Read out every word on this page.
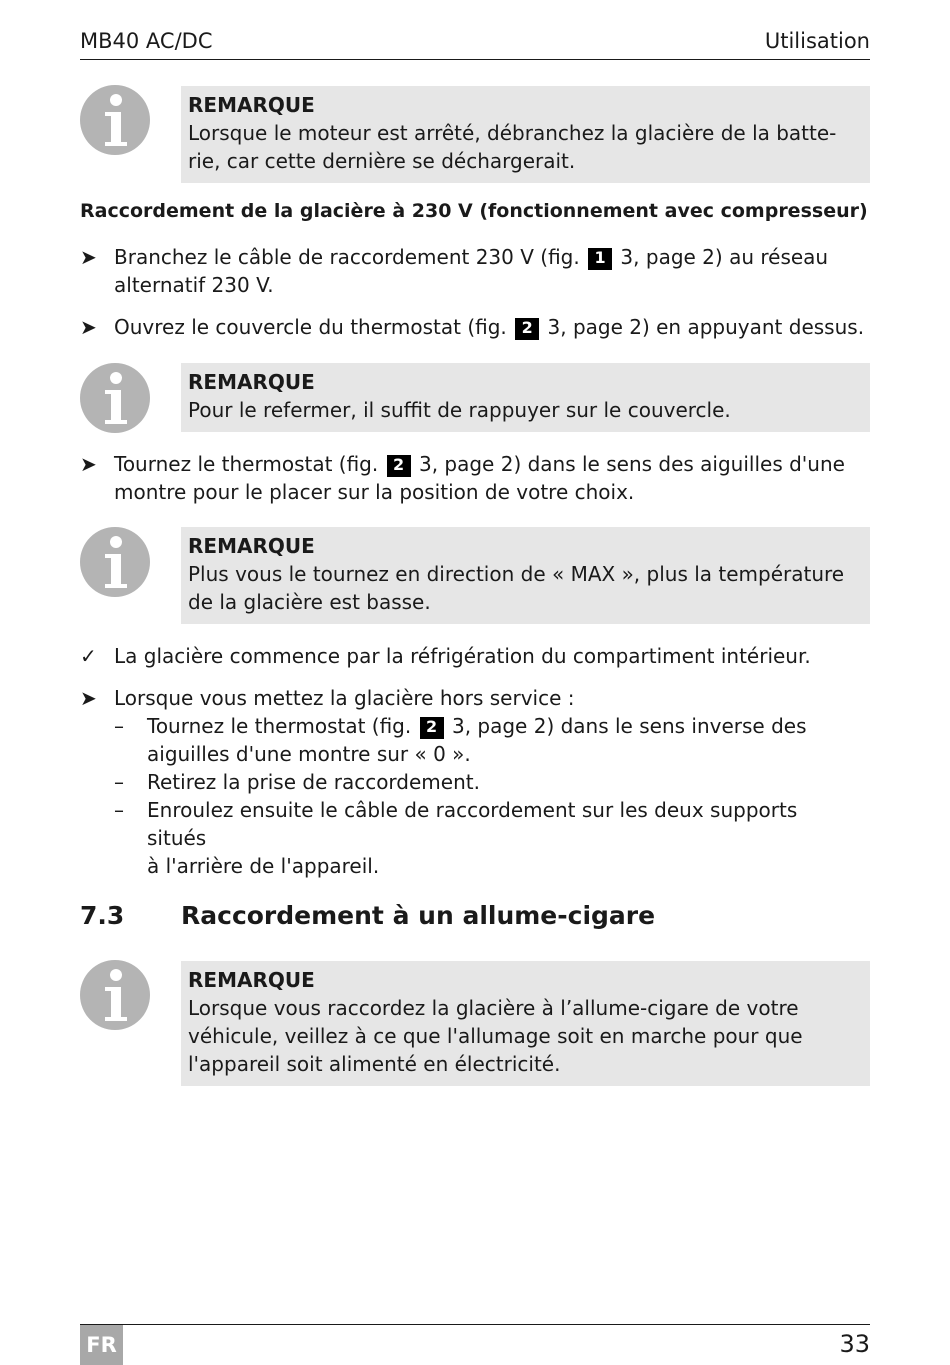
MB40 AC/DC	Utilisation
REMARQUE
Lorsque le moteur est arrêté, débranchez la glacière de la batte-
rie, car cette dernière se déchargerait.
Raccordement de la glacière à 230 V (fonctionnement avec compresseur)
➤ Branchez le câble de raccordement 230 V (fig. 1 3, page 2) au réseau
alternatif 230 V.
➤ Ouvrez le couvercle du thermostat (fig. 2 3, page 2) en appuyant dessus.
REMARQUE
Pour le refermer, il suffit de rappuyer sur le couvercle.
➤ Tournez le thermostat (fig. 2 3, page 2) dans le sens des aiguilles d'une
montre pour le placer sur la position de votre choix.
REMARQUE
Plus vous le tournez en direction de « MAX », plus la température
de la glacière est basse.
✓ La glacière commence par la réfrigération du compartiment intérieur.
➤ Lorsque vous mettez la glacière hors service :
–	Tournez le thermostat (fig. 2 3, page 2) dans le sens inverse des
aiguilles d'une montre sur « 0 ».
–	Retirez la prise de raccordement.
–	Enroulez ensuite le câble de raccordement sur les deux supports situés
à l'arrière de l'appareil.
7.3 Raccordement à un allume-cigare
REMARQUE
Lorsque vous raccordez la glacière à l’allume-cigare de votre
véhicule, veillez à ce que l'allumage soit en marche pour que
l'appareil soit alimenté en électricité.
FR	33
